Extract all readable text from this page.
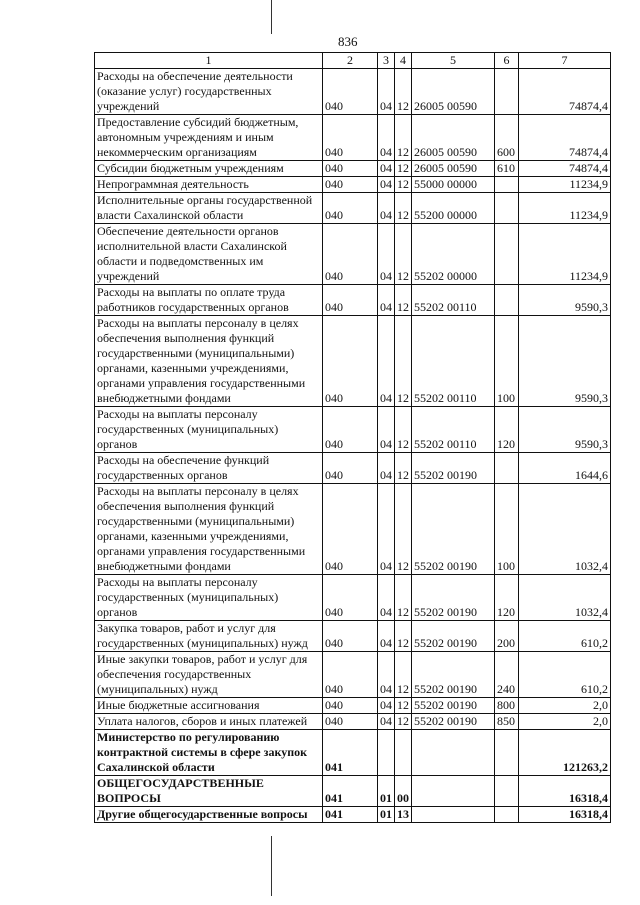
836
1	2	3	4	5	6	7
Расходы на обеспечение деятельности (оказание услуг) государственных учреждений	040	04	12	26005 00590		74874,4
Предоставление субсидий бюджетным, автономным учреждениям и иным некоммерческим организациям	040	04	12	26005 00590	600	74874,4
Субсидии бюджетным учреждениям	040	04	12	26005 00590	610	74874,4
Непрограммная деятельность	040	04	12	55000 00000		11234,9
Исполнительные органы государственной власти Сахалинской области	040	04	12	55200 00000		11234,9
Обеспечение деятельности органов исполнительной власти Сахалинской области и подведомственных им учреждений	040	04	12	55202 00000		11234,9
Расходы на выплаты по оплате труда работников государственных органов	040	04	12	55202 00110		9590,3
Расходы на выплаты персоналу в целях обеспечения выполнения функций государственными (муниципальными) органами, казенными учреждениями, органами управления государственными внебюджетными фондами	040	04	12	55202 00110	100	9590,3
Расходы на выплаты персоналу государственных (муниципальных) органов	040	04	12	55202 00110	120	9590,3
Расходы на обеспечение функций государственных органов	040	04	12	55202 00190		1644,6
Расходы на выплаты персоналу в целях обеспечения выполнения функций государственными (муниципальными) органами, казенными учреждениями, органами управления государственными внебюджетными фондами	040	04	12	55202 00190	100	1032,4
Расходы на выплаты персоналу государственных (муниципальных) органов	040	04	12	55202 00190	120	1032,4
Закупка товаров, работ и услуг для государственных (муниципальных) нужд	040	04	12	55202 00190	200	610,2
Иные закупки товаров, работ и услуг для обеспечения государственных (муниципальных) нужд	040	04	12	55202 00190	240	610,2
Иные бюджетные ассигнования	040	04	12	55202 00190	800	2,0
Уплата налогов, сборов и иных платежей	040	04	12	55202 00190	850	2,0
Министерство по регулированию контрактной системы в сфере закупок Сахалинской области	041					121263,2
ОБЩЕГОСУДАРСТВЕННЫЕ ВОПРОСЫ	041	01	00			16318,4
Другие общегосударственные вопросы	041	01	13			16318,4
